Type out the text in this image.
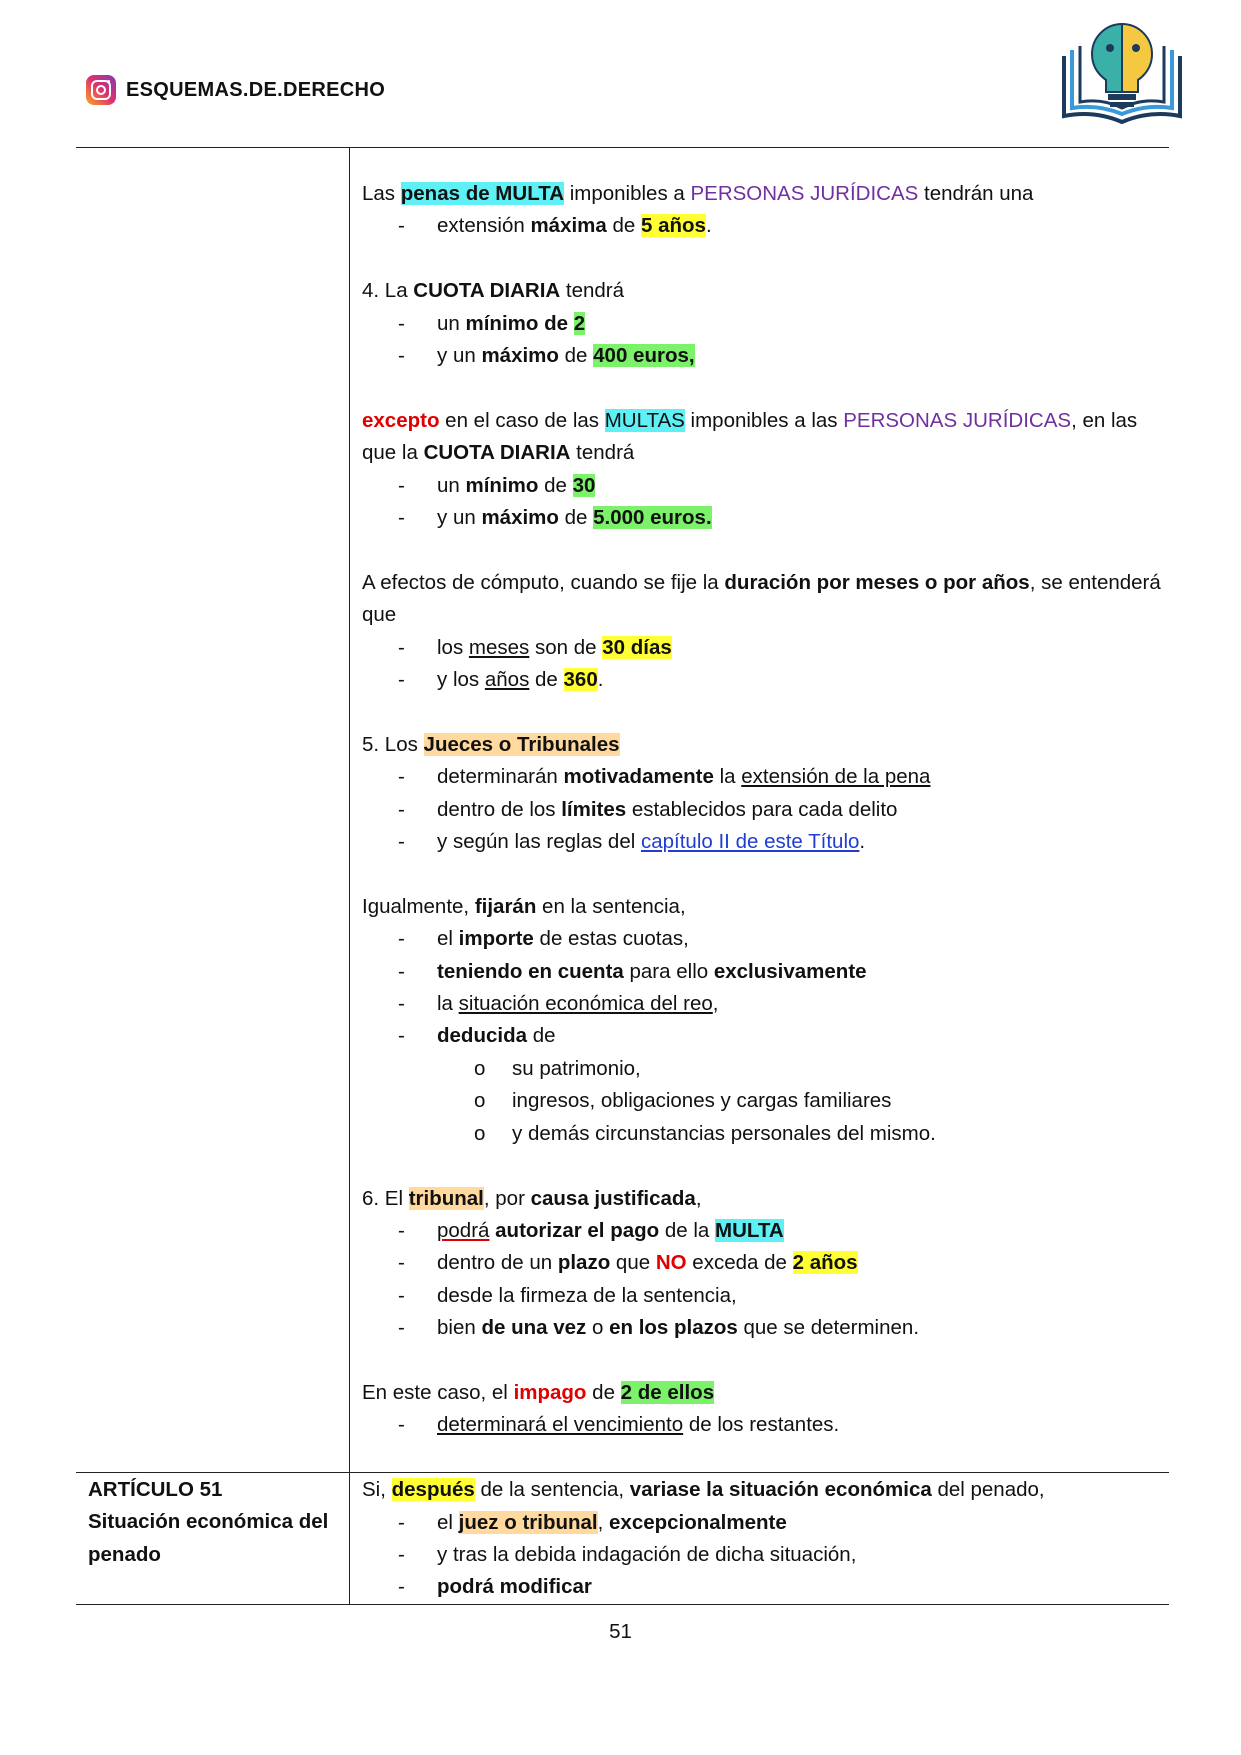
ESQUEMAS.DE.DERECHO
ARTÍCULO 51
Situación económica del
penado

Las penas de MULTA imponibles a PERSONAS JURÍDICAS tendrán una

- extensión máxima de 5 años.

4. La CUOTA DIARIA tendrá

- un mínimo de 2

- y un máximo de 400 euros,

excepto en el caso de las MULTAS imponibles a las PERSONAS JURÍDICAS, en las que la CUOTA DIARIA tendrá

- un mínimo de 30

- y un máximo de 5.000 euros.

A efectos de cómputo, cuando se fije la duración por meses o por años, se entenderá que

- los meses son de 30 días

- y los años de 360.

5. Los Jueces o Tribunales

- determinarán motivadamente la extensión de la pena

- dentro de los límites establecidos para cada delito

- y según las reglas del capítulo II de este Título.

Igualmente, fijarán en la sentencia,

- el importe de estas cuotas,

- teniendo en cuenta para ello exclusivamente

- la situación económica del reo,

- deducida de

o su patrimonio,

o ingresos, obligaciones y cargas familiares

o y demás circunstancias personales del mismo.

6. El tribunal, por causa justificada,

- podrá autorizar el pago de la MULTA

- dentro de un plazo que NO exceda de 2 años

- desde la firmeza de la sentencia,

- bien de una vez o en los plazos que se determinen.

En este caso, el impago de 2 de ellos

- determinará el vencimiento de los restantes.

Si, después de la sentencia, variase la situación económica del penado,

- el juez o tribunal, excepcionalmente

- y tras la debida indagación de dicha situación,

- podrá modificar

51
